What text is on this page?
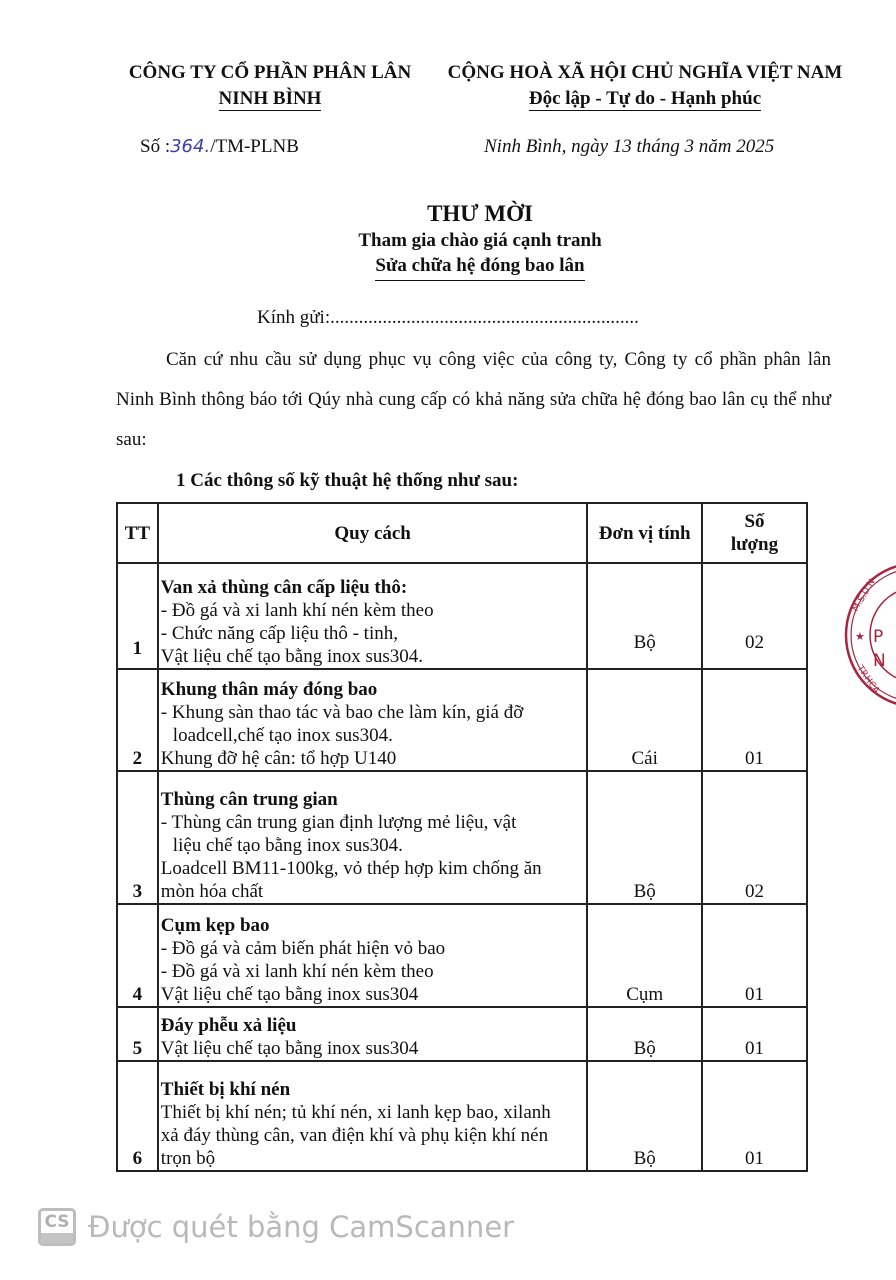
CÔNG TY CỔ PHẦN PHÂN LÂN
NINH BÌNH
CỘNG HOÀ XÃ HỘI CHỦ NGHĨA VIỆT NAM
Độc lập - Tự do - Hạnh phúc
Số :364./TM-PLNB	Ninh Bình, ngày 13 tháng 3 năm 2025
THƯ MỜI
Tham gia chào giá cạnh tranh
Sửa chữa hệ đóng bao lân
Kính gửi:.................................................................
Căn cứ nhu cầu sử dụng phục vụ công việc của công ty, Công ty cổ phần phân lân Ninh Bình thông báo tới Qúy nhà cung cấp có khả năng sửa chữa hệ đóng bao lân cụ thể như sau:
1 Các thông số kỹ thuật hệ thống như sau:
TT	Quy cách	Đơn vị tính	Số
lượng

1	Van xả thùng cân cấp liệu thô:
- Đồ gá và xi lanh khí nén kèm theo
- Chức năng cấp liệu thô - tinh,
Vật liệu chế tạo bằng inox sus304.	Bộ	02
2	Khung thân máy đóng bao
- Khung sàn thao tác và bao che làm kín, giá đỡ
loadcell,chế tạo inox sus304.
Khung đỡ hệ cân: tổ hợp U140	Cái	01
3	Thùng cân trung gian
- Thùng cân trung gian định lượng mẻ liệu, vật
liệu chế tạo bằng inox sus304.
Loadcell BM11-100kg, vỏ thép hợp kim chống ăn
mòn hóa chất	Bộ	02
4	Cụm kẹp bao
- Đồ gá và cảm biến phát hiện vỏ bao
- Đồ gá và xi lanh khí nén kèm theo
Vật liệu chế tạo bằng inox sus304	Cụm	01
5	Đáy phễu xả liệu
Vật liệu chế tạo bằng inox sus304	Bộ	01
6	Thiết bị khí nén
Thiết bị khí nén; tủ khí nén, xi lanh kẹp bao, xilanh
xả đáy thùng cân, van điện khí và phụ kiện khí nén
trọn bộ	Bộ	01
★ P
N
M.S.D.N
TP.HCA
CS Được quét bằng CamScanner
